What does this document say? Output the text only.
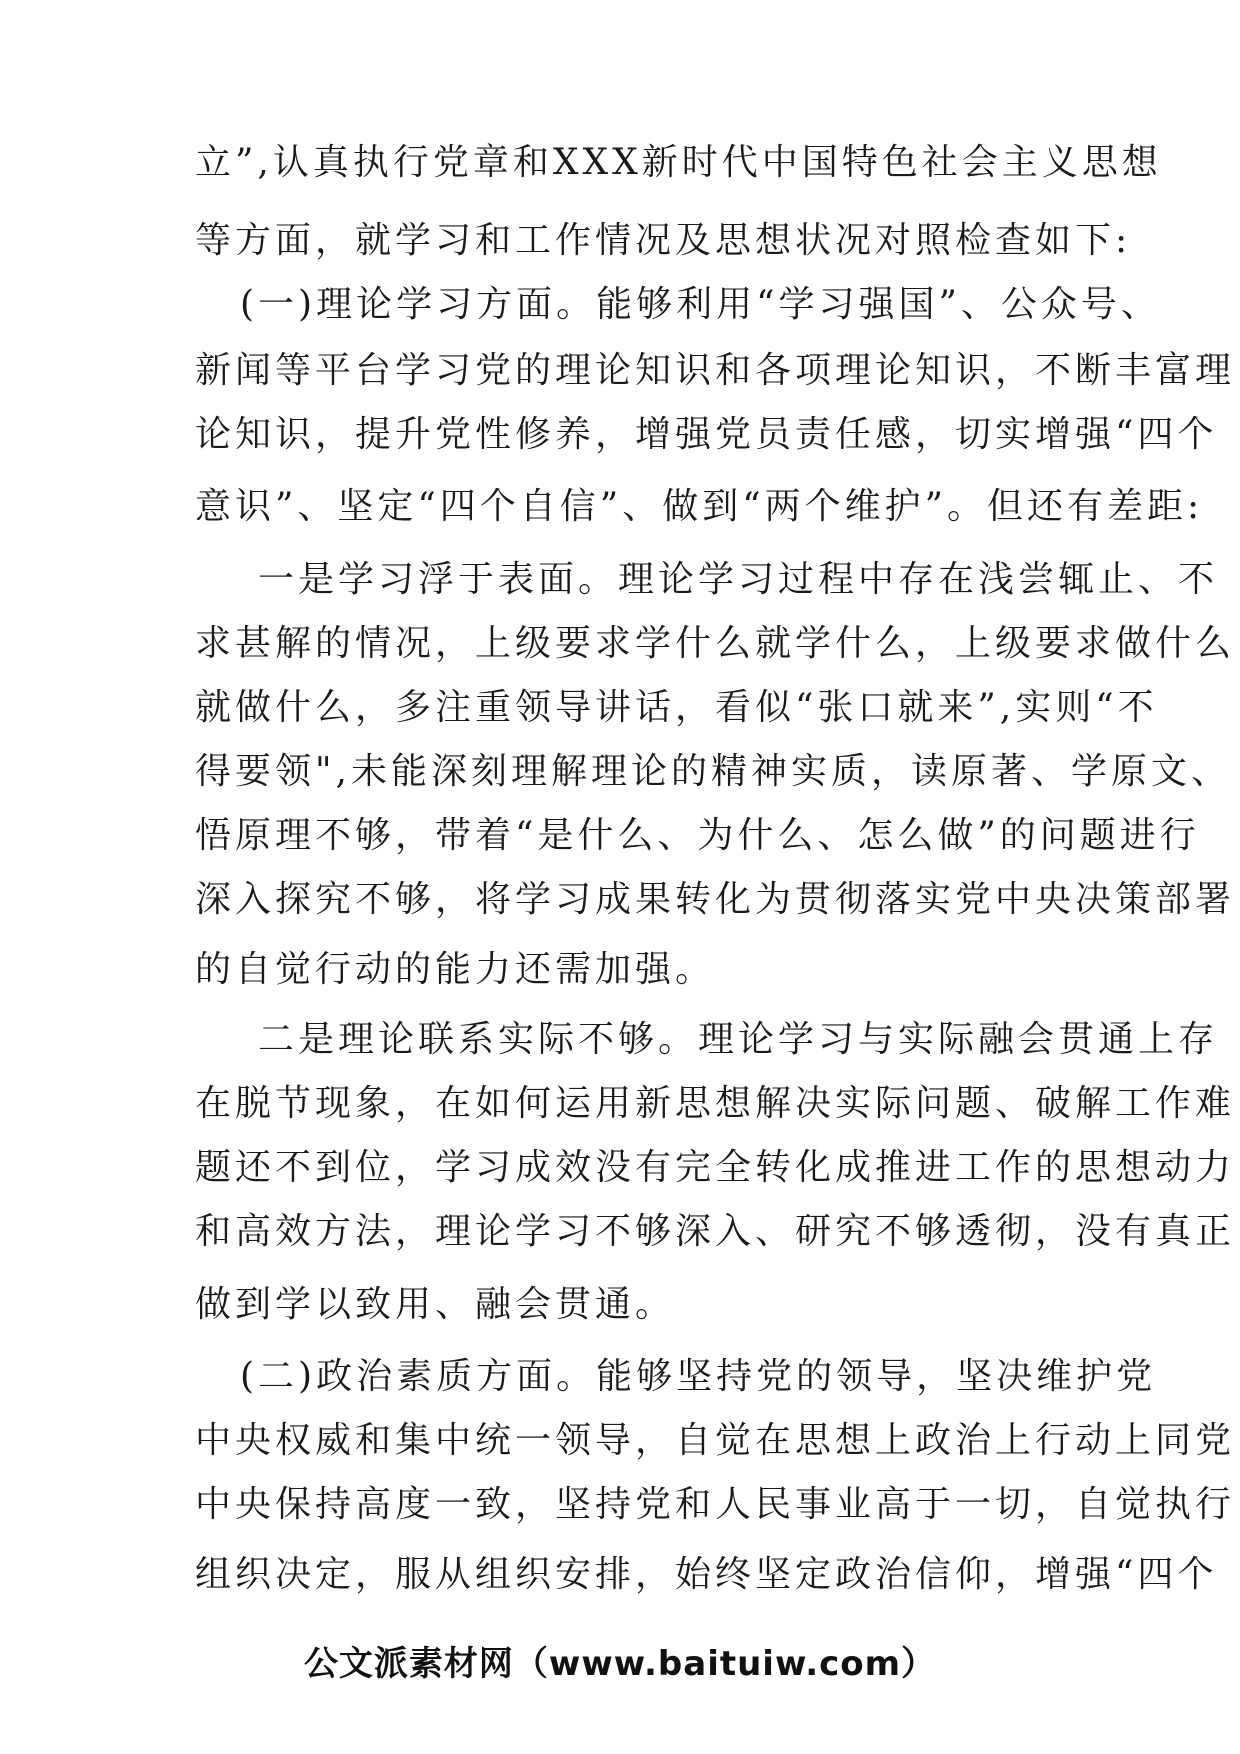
立”,认真执行党章和XXX新时代中国特色社会主义思想
等方面，就学习和工作情况及思想状况对照检查如下:
(一)理论学习方面。能够利用“学习强国”、公众号、
新闻等平台学习党的理论知识和各项理论知识，不断丰富理
论知识，提升党性修养，增强党员责任感，切实增强“四个
意识”、坚定“四个自信”、做到“两个维护”。但还有差距:
一是学习浮于表面。理论学习过程中存在浅尝辄止、不
求甚解的情况，上级要求学什么就学什么，上级要求做什么
就做什么，多注重领导讲话，看似“张口就来”,实则“不
得要领",未能深刻理解理论的精神实质，读原著、学原文、
悟原理不够，带着“是什么、为什么、怎么做”的问题进行
深入探究不够，将学习成果转化为贯彻落实党中央决策部署
的自觉行动的能力还需加强。
二是理论联系实际不够。理论学习与实际融会贯通上存
在脱节现象，在如何运用新思想解决实际问题、破解工作难
题还不到位，学习成效没有完全转化成推进工作的思想动力
和高效方法，理论学习不够深入、研究不够透彻，没有真正
做到学以致用、融会贯通。
(二)政治素质方面。能够坚持党的领导，坚决维护党
中央权威和集中统一领导，自觉在思想上政治上行动上同党
中央保持高度一致，坚持党和人民事业高于一切，自觉执行
组织决定，服从组织安排，始终坚定政治信仰，增强“四个
公文派素材网（www.baituiw.com）
